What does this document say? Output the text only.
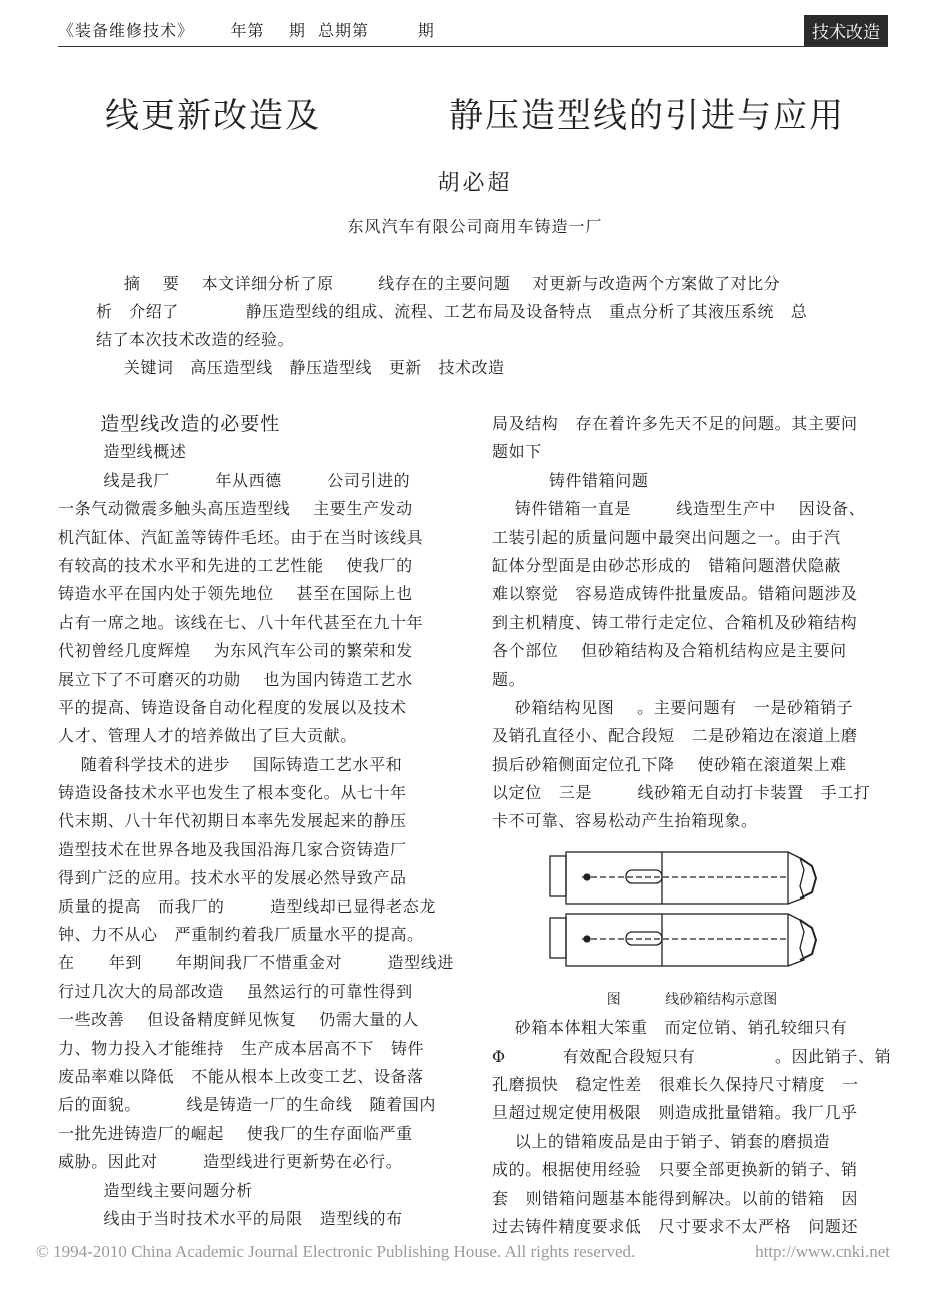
《装备维修技术》      年第    期  总期第        期	技术改造
线更新改造及          静压造型线的引进与应用
胡必超
东风汽车有限公司商用车铸造一厂
摘    要    本文详细分析了原        线存在的主要问题    对更新与改造两个方案做了对比分
析   介绍了            静压造型线的组成、流程、工艺布局及设备特点   重点分析了其液压系统   总
结了本次技术改造的经验。
关键词   高压造型线   静压造型线   更新   技术改造
造型线改造的必要性
造型线概述
线是我厂        年从西德        公司引进的
一条气动微震多触头高压造型线    主要生产发动
机汽缸体、汽缸盖等铸件毛坯。由于在当时该线具
有较高的技术水平和先进的工艺性能    使我厂的
铸造水平在国内处于领先地位    甚至在国际上也
占有一席之地。该线在七、八十年代甚至在九十年
代初曾经几度辉煌    为东风汽车公司的繁荣和发
展立下了不可磨灭的功勋    也为国内铸造工艺水
平的提高、铸造设备自动化程度的发展以及技术
人才、管理人才的培养做出了巨大贡献。
随着科学技术的进步    国际铸造工艺水平和
铸造设备技术水平也发生了根本变化。从七十年
代末期、八十年代初期日本率先发展起来的静压
造型技术在世界各地及我国沿海几家合资铸造厂
得到广泛的应用。技术水平的发展必然导致产品
质量的提高   而我厂的        造型线却已显得老态龙
钟、力不从心   严重制约着我厂质量水平的提高。
在      年到      年期间我厂不惜重金对        造型线进
行过几次大的局部改造    虽然运行的可靠性得到
一些改善    但设备精度鲜见恢复    仍需大量的人
力、物力投入才能维持   生产成本居高不下   铸件
废品率难以降低   不能从根本上改变工艺、设备落
后的面貌。        线是铸造一厂的生命线   随着国内
一批先进铸造厂的崛起    使我厂的生存面临严重
威胁。因此对        造型线进行更新势在必行。
造型线主要问题分析
线由于当时技术水平的局限   造型线的布
局及结构   存在着许多先天不足的问题。其主要问
题如下
铸件错箱问题
铸件错箱一直是        线造型生产中    因设备、
工装引起的质量问题中最突出问题之一。由于汽
缸体分型面是由砂芯形成的   错箱问题潜伏隐蔽
难以察觉   容易造成铸件批量废品。错箱问题涉及
到主机精度、铸工带行走定位、合箱机及砂箱结构
各个部位    但砂箱结构及合箱机结构应是主要问
题。
砂箱结构见图    。主要问题有   一是砂箱销子
及销孔直径小、配合段短   二是砂箱边在滚道上磨
损后砂箱侧面定位孔下降    使砂箱在滚道架上难
以定位   三是        线砂箱无自动打卡装置   手工打
卡不可靠、容易松动产生抬箱现象。
图          线砂箱结构示意图
砂箱本体粗大笨重   而定位销、销孔较细只有
Φ          有效配合段短只有              。因此销子、销
孔磨损快   稳定性差   很难长久保持尺寸精度   一
旦超过规定使用极限   则造成批量错箱。我厂几乎
以上的错箱废品是由于销子、销套的磨损造
成的。根据使用经验   只要全部更换新的销子、销
套   则错箱问题基本能得到解决。以前的错箱   因
过去铸件精度要求低   尺寸要求不太严格   问题还
© 1994-2010 China Academic Journal Electronic Publishing House. All rights reserved.	http://www.cnki.net
